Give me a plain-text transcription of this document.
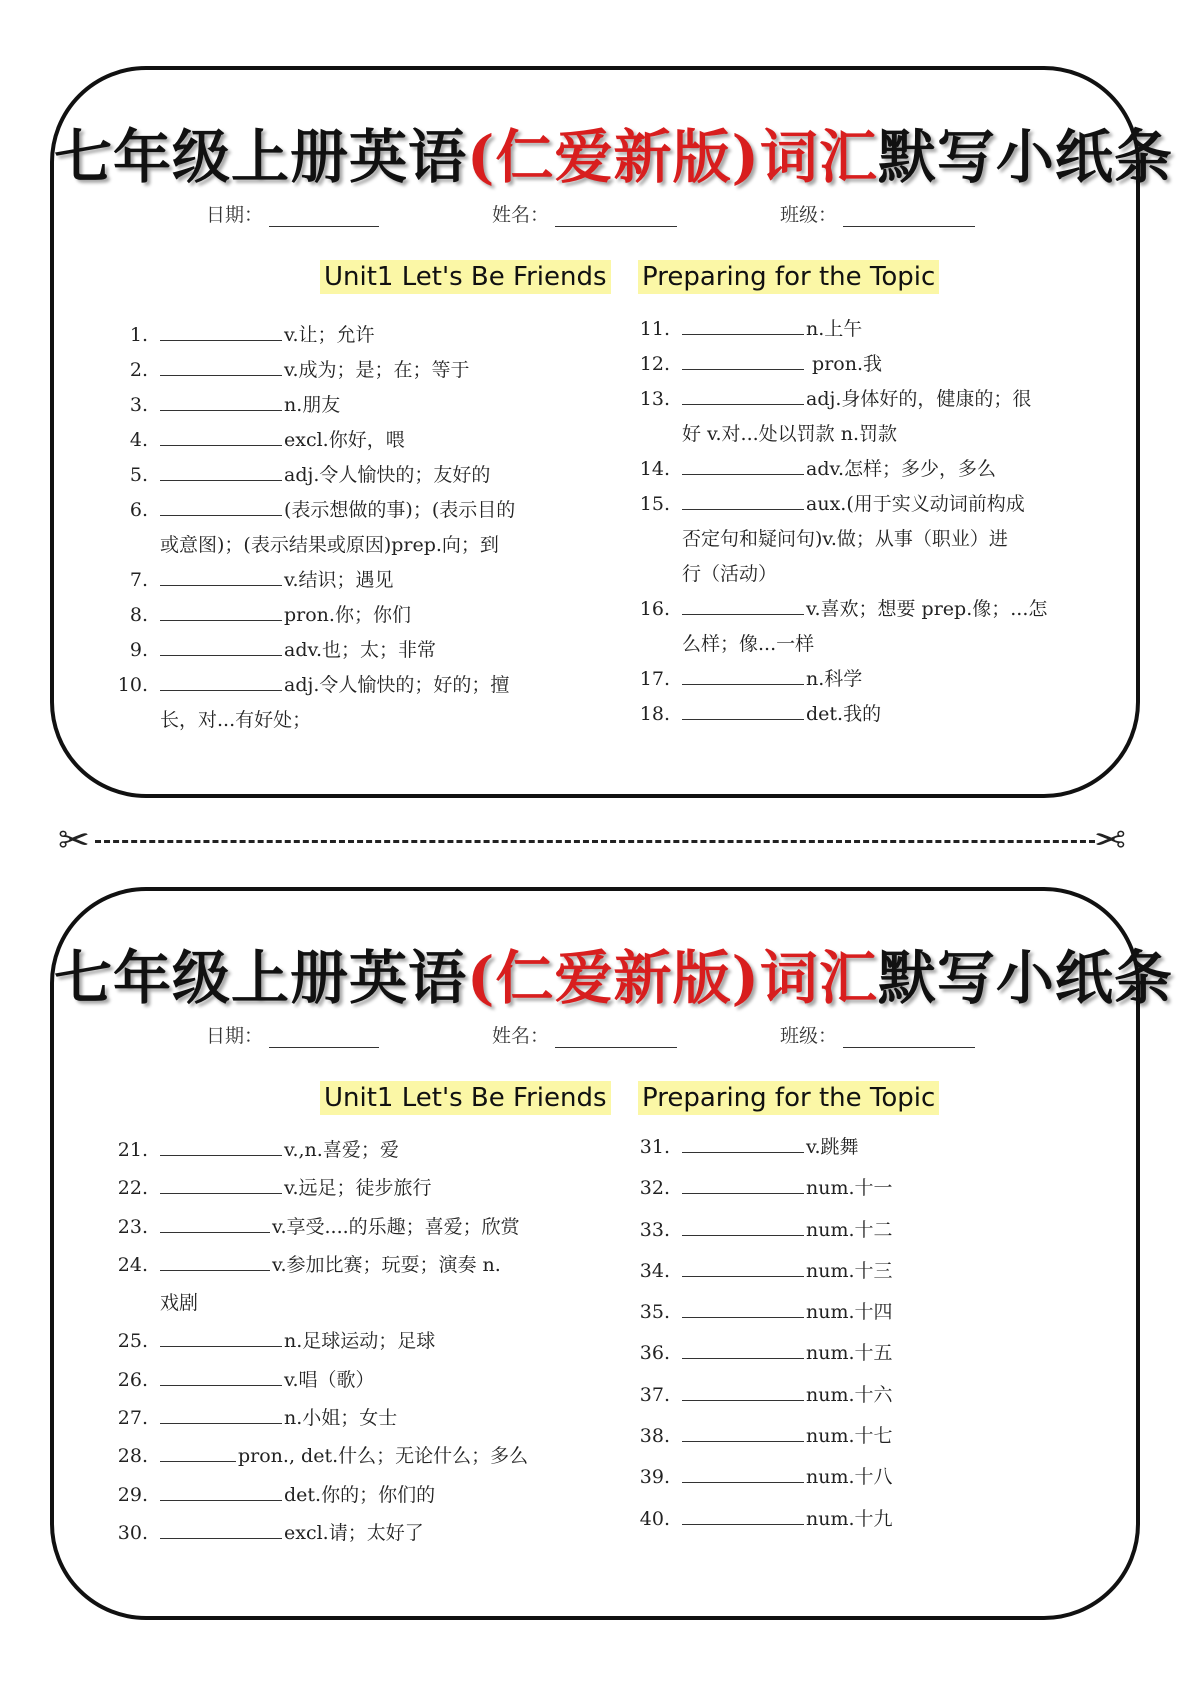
七年级上册英语(仁爱新版)词汇默写小纸条
日期：	姓名：	班级：
Unit1 Let's Be Friends Preparing for the Topic
1.	v.让；允许
2.	v.成为；是；在；等于
3.	n.朋友
4.	excl.你好，喂
5.	adj.令人愉快的；友好的
6.	(表示想做的事)；(表示目的
或意图)；(表示结果或原因)prep.向；到
7.	v.结识；遇见
8.	pron.你；你们
9.	adv.也；太；非常
10.	adj.令人愉快的；好的；擅
长，对...有好处；
11.	n.上午
12.	pron.我
13.	adj.身体好的，健康的；很
好 v.对...处以罚款 n.罚款
14.	adv.怎样；多少，多么
15.	aux.(用于实义动词前构成
否定句和疑问句)v.做；从事（职业）进
行（活动）
16.	v.喜欢；想要 prep.像；...怎
么样；像...一样
17.	n.科学
18.	det.我的
✂	✂
七年级上册英语(仁爱新版)词汇默写小纸条
日期：	姓名：	班级：
Unit1 Let's Be Friends Preparing for the Topic
21.	v.,n.喜爱；爱
22.	v.远足；徒步旅行
23.	v.享受....的乐趣；喜爱；欣赏
24.	v.参加比赛；玩耍；演奏 n.
戏剧
25.	n.足球运动；足球
26.	v.唱（歌）
27.	n.小姐；女士
28.	pron., det.什么；无论什么；多么
29.	det.你的；你们的
30.	excl.请；太好了
31.	v.跳舞
32.	num.十一
33.	num.十二
34.	num.十三
35.	num.十四
36.	num.十五
37.	num.十六
38.	num.十七
39.	num.十八
40.	num.十九
